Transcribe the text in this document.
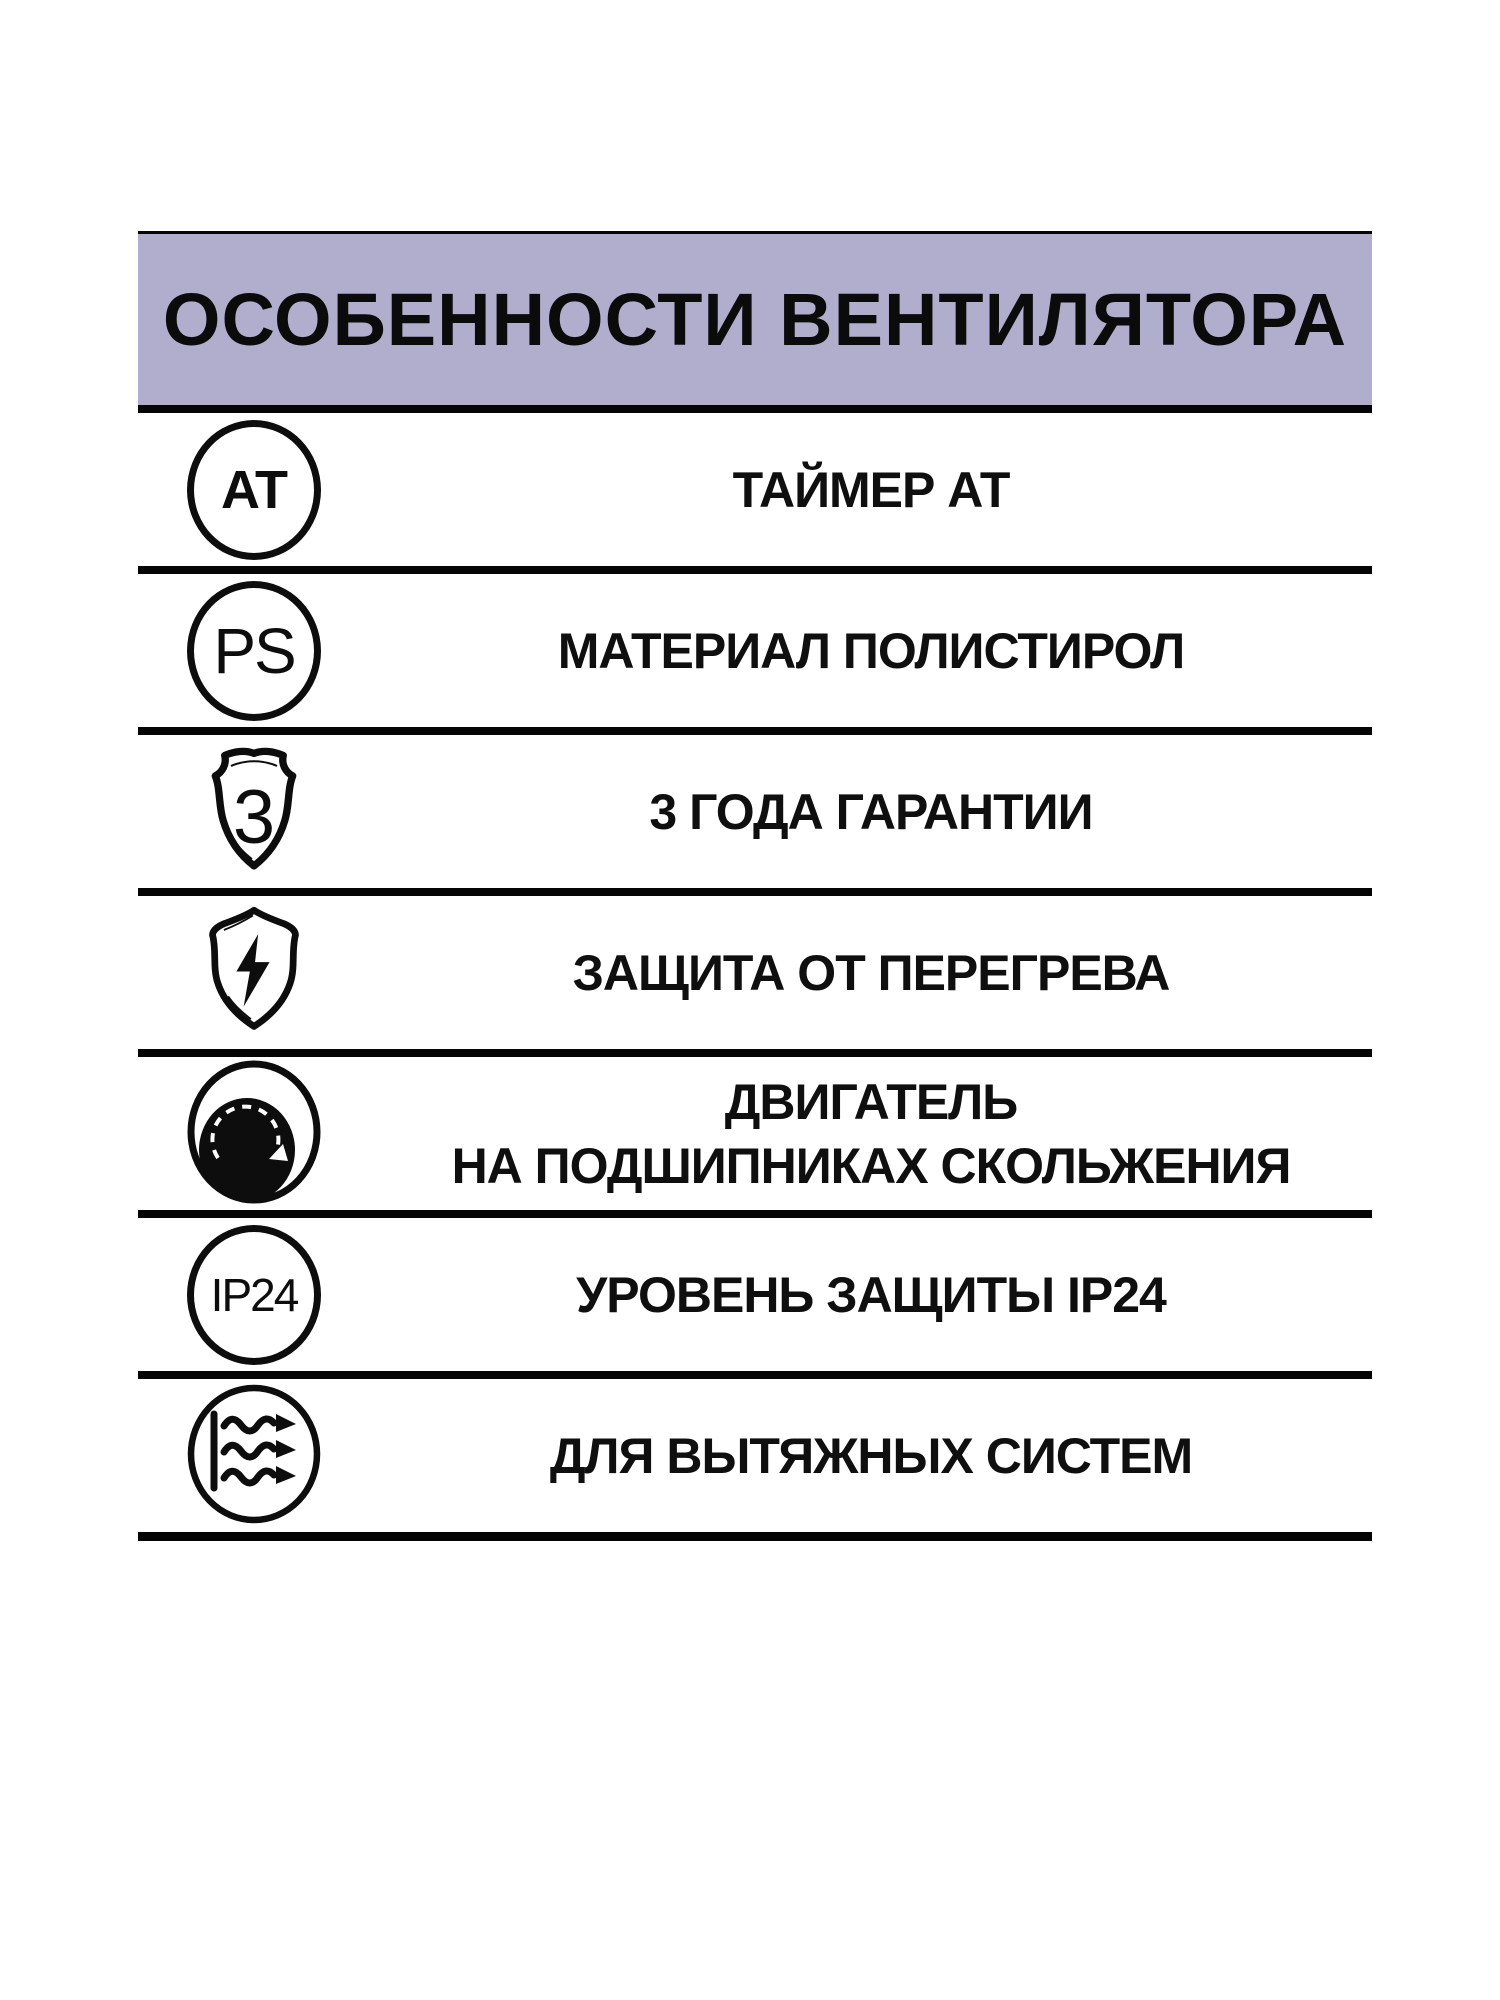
ОСОБЕННОСТИ ВЕНТИЛЯТОРА
AT	ТАЙМЕР АТ
PS	МАТЕРИАЛ ПОЛИСТИРОЛ
3	3 ГОДА ГАРАНТИИ
ЗАЩИТА ОТ ПЕРЕГРЕВА
ДВИГАТЕЛЬ
НА ПОДШИПНИКАХ СКОЛЬЖЕНИЯ
IP24	УРОВЕНЬ ЗАЩИТЫ IP24
ДЛЯ ВЫТЯЖНЫХ СИСТЕМ
